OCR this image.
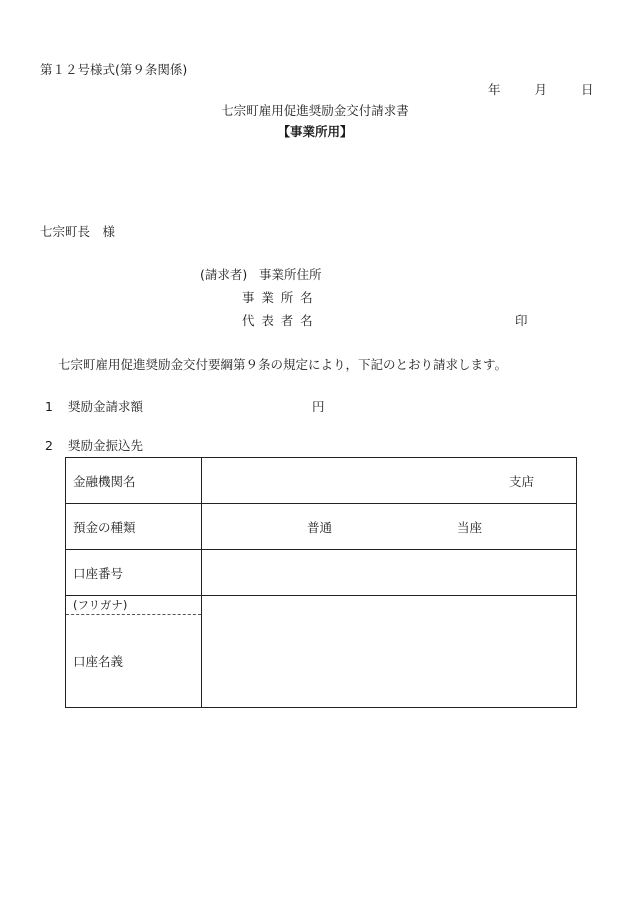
第１２号様式(第９条関係)
年	月	日
七宗町雇用促進奨励金交付請求書
【事業所用】
七宗町長　様
(請求者) 事業所住所
事業所名
代表者名	印
七宗町雇用促進奨励金交付要綱第９条の規定により，下記のとおり請求します。
1 奨励金請求額	円
2 奨励金振込先
金融機関名	支店

預金の種類	普通 当座

口座番号	
(フリガナ)	
口座名義	
